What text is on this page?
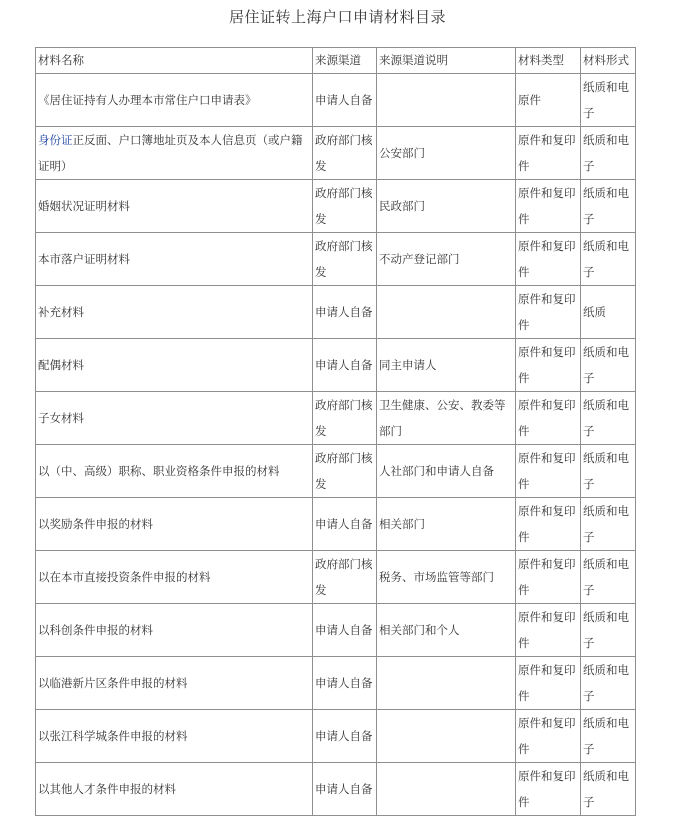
居住证转上海户口申请材料目录
材料名称	来源渠道	来源渠道说明	材料类型	材料形式
《居住证持有人办理本市常住户口申请表》	申请人自备		原件	纸质和电子
身份证正反面、户口簿地址页及本人信息页（或户籍证明）	政府部门核发	公安部门	原件和复印件	纸质和电子
婚姻状况证明材料	政府部门核发	民政部门	原件和复印件	纸质和电子
本市落户证明材料	政府部门核发	不动产登记部门	原件和复印件	纸质和电子
补充材料	申请人自备		原件和复印件	纸质
配偶材料	申请人自备	同主申请人	原件和复印件	纸质和电子
子女材料	政府部门核发	卫生健康、公安、教委等部门	原件和复印件	纸质和电子
以（中、高级）职称、职业资格条件申报的材料	政府部门核发	人社部门和申请人自备	原件和复印件	纸质和电子
以奖励条件申报的材料	申请人自备	相关部门	原件和复印件	纸质和电子
以在本市直接投资条件申报的材料	政府部门核发	税务、市场监管等部门	原件和复印件	纸质和电子
以科创条件申报的材料	申请人自备	相关部门和个人	原件和复印件	纸质和电子
以临港新片区条件申报的材料	申请人自备		原件和复印件	纸质和电子
以张江科学城条件申报的材料	申请人自备		原件和复印件	纸质和电子
以其他人才条件申报的材料	申请人自备		原件和复印件	纸质和电子
